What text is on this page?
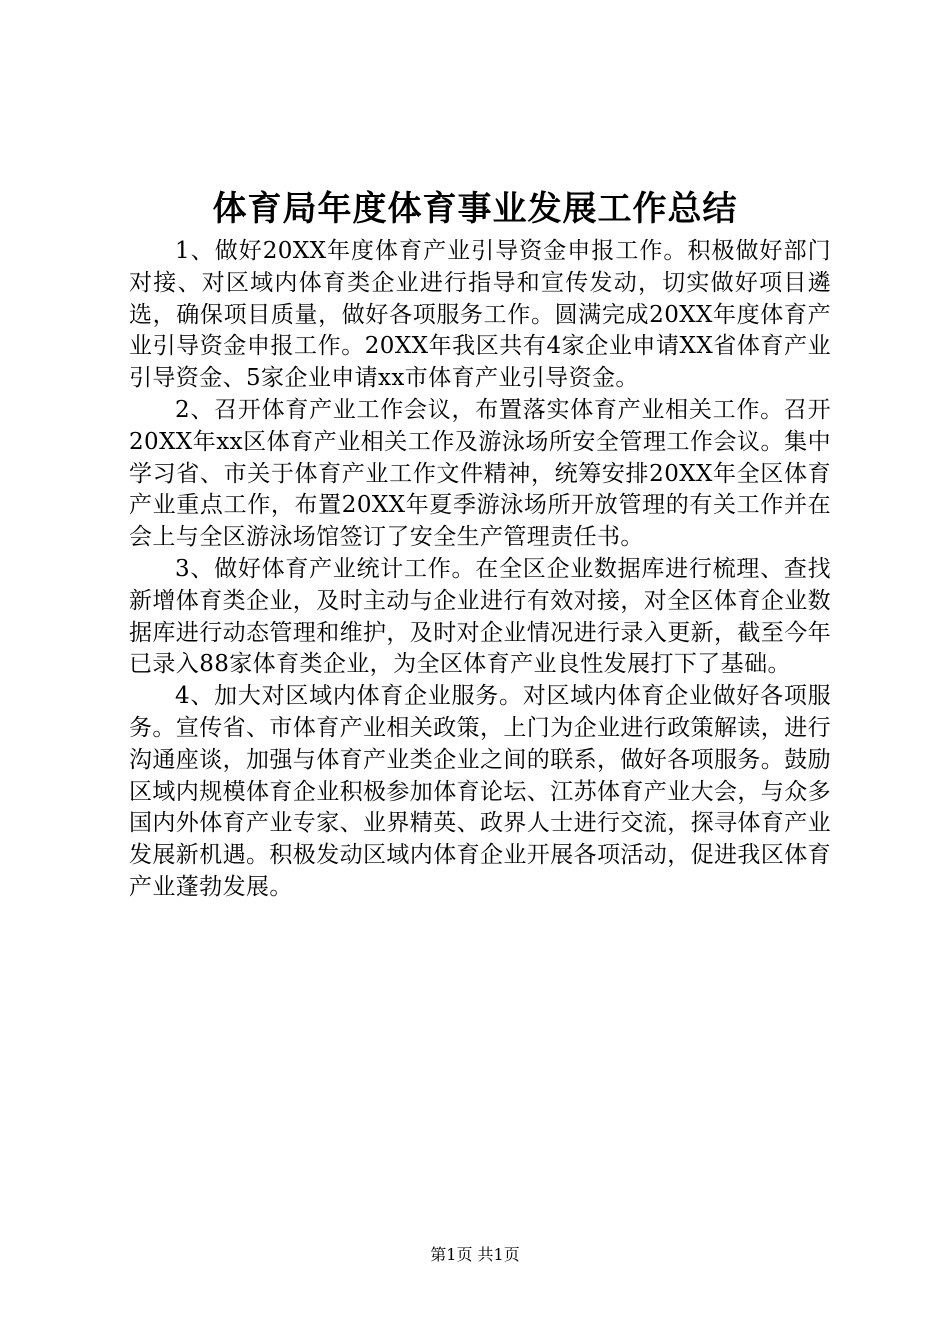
体育局年度体育事业发展工作总结

1、做好20XX年度体育产业引导资金申报工作。积极做好部门对接、对区域内体育类企业进行指导和宣传发动，切实做好项目遴选，确保项目质量，做好各项服务工作。圆满完成20XX年度体育产业引导资金申报工作。20XX年我区共有4家企业申请XX省体育产业引导资金、5家企业申请xx市体育产业引导资金。

2、召开体育产业工作会议，布置落实体育产业相关工作。召开20XX年xx区体育产业相关工作及游泳场所安全管理工作会议。集中学习省、市关于体育产业工作文件精神，统筹安排20XX年全区体育产业重点工作，布置20XX年夏季游泳场所开放管理的有关工作并在会上与全区游泳场馆签订了安全生产管理责任书。

3、做好体育产业统计工作。在全区企业数据库进行梳理、查找新增体育类企业，及时主动与企业进行有效对接，对全区体育企业数据库进行动态管理和维护，及时对企业情况进行录入更新，截至今年已录入88家体育类企业，为全区体育产业良性发展打下了基础。

4、加大对区域内体育企业服务。对区域内体育企业做好各项服务。宣传省、市体育产业相关政策，上门为企业进行政策解读，进行沟通座谈，加强与体育产业类企业之间的联系，做好各项服务。鼓励区域内规模体育企业积极参加体育论坛、江苏体育产业大会，与众多国内外体育产业专家、业界精英、政界人士进行交流，探寻体育产业发展新机遇。积极发动区域内体育企业开展各项活动，促进我区体育产业蓬勃发展。

第1页 共1页
